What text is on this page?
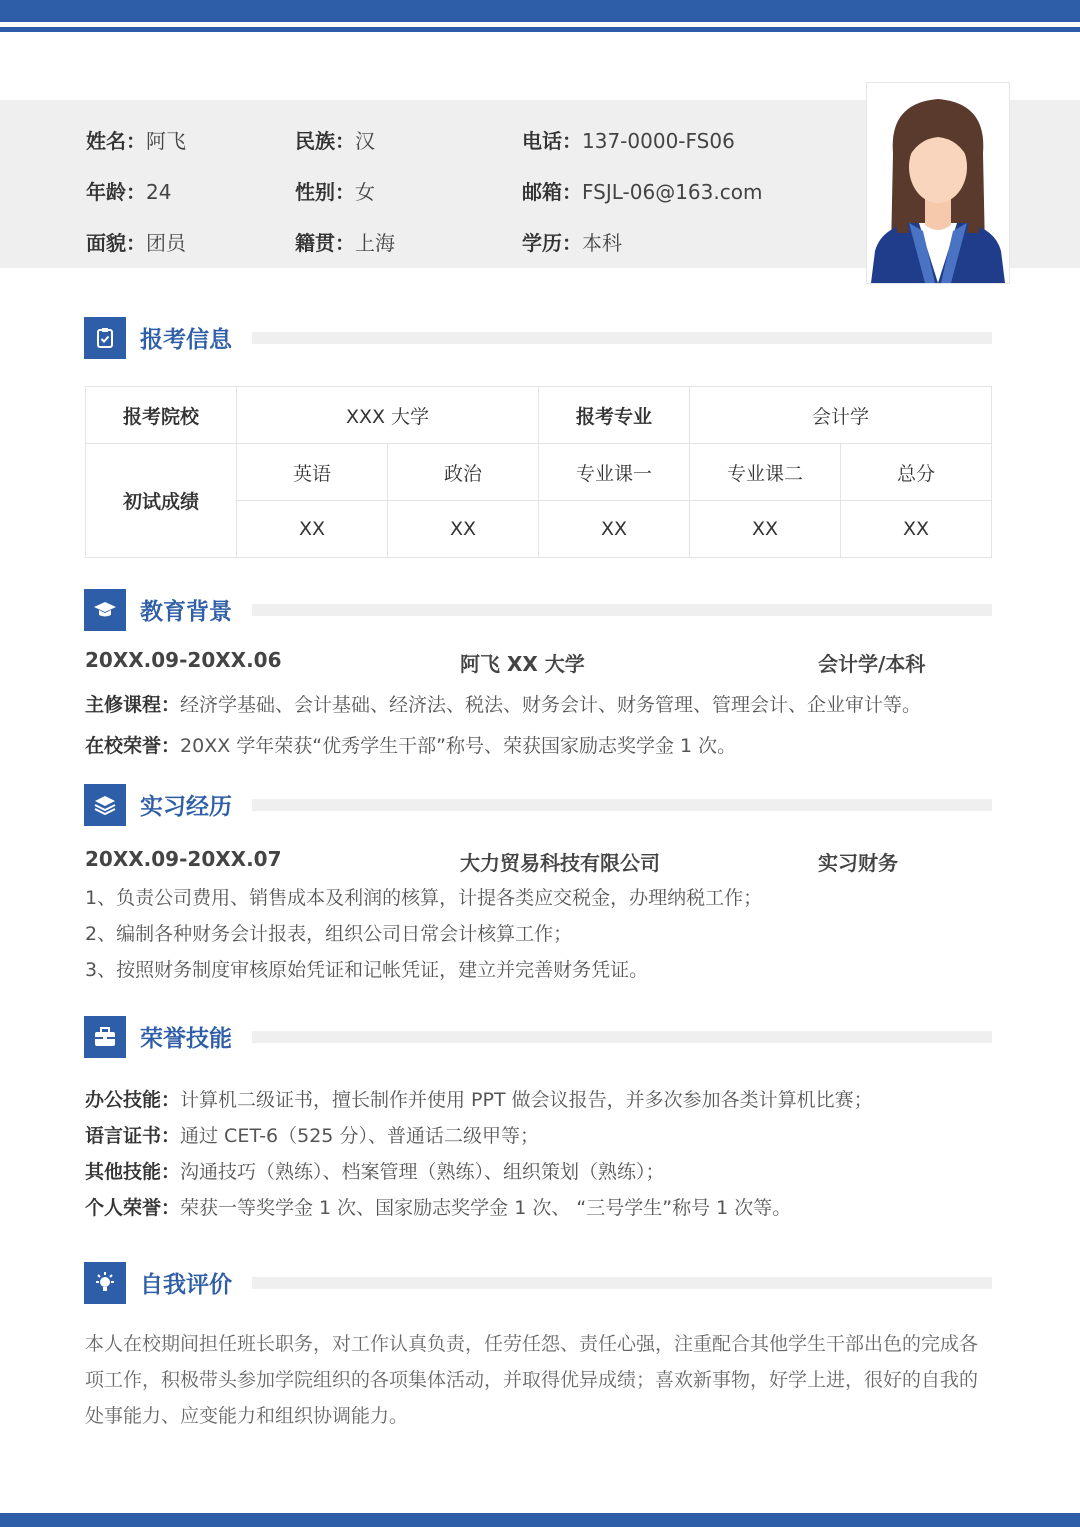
姓名：阿飞	民族：汉	电话：137-0000-FS06
年龄：24	性别：女	邮箱：FSJL-06@163.com
面貌：团员	籍贯：上海	学历：本科
报考信息
报考院校	XXX 大学		报考专业	会计学	
初试成绩	英语	政治	专业课一	专业课二	总分
	XX	XX	XX	XX	XX
教育背景
20XX.09-20XX.06	阿飞 XX 大学	会计学/本科
主修课程：经济学基础、会计基础、经济法、税法、财务会计、财务管理、管理会计、企业审计等。
在校荣誉：20XX 学年荣获“优秀学生干部”称号、荣获国家励志奖学金 1 次。
实习经历
20XX.09-20XX.07	大力贸易科技有限公司	实习财务
1、负责公司费用、销售成本及利润的核算，计提各类应交税金，办理纳税工作；
2、编制各种财务会计报表，组织公司日常会计核算工作；
3、按照财务制度审核原始凭证和记帐凭证，建立并完善财务凭证。
荣誉技能
办公技能：计算机二级证书，擅长制作并使用 PPT 做会议报告，并多次参加各类计算机比赛；
语言证书：通过 CET-6（525 分）、普通话二级甲等；
其他技能：沟通技巧（熟练）、档案管理（熟练）、组织策划（熟练）；
个人荣誉：荣获一等奖学金 1 次、国家励志奖学金 1 次、 “三号学生”称号 1 次等。
自我评价
本人在校期间担任班长职务，对工作认真负责，任劳任怨、责任心强，注重配合其他学生干部出色的完成各项工作，积极带头参加学院组织的各项集体活动，并取得优异成绩；喜欢新事物，好学上进，很好的自我的处事能力、应变能力和组织协调能力。
